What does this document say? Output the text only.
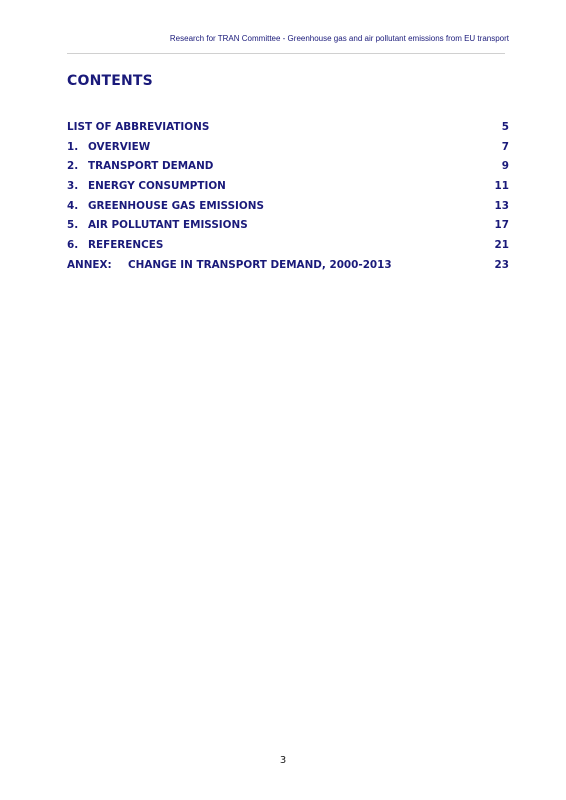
Research for TRAN Committee - Greenhouse gas and air pollutant emissions from EU transport
CONTENTS
LIST OF ABBREVIATIONS	5
1. OVERVIEW	7
2. TRANSPORT DEMAND	9
3. ENERGY CONSUMPTION	11
4. GREENHOUSE GAS EMISSIONS	13
5. AIR POLLUTANT EMISSIONS	17
6. REFERENCES	21
ANNEX:	CHANGE IN TRANSPORT DEMAND, 2000-2013	23
3
